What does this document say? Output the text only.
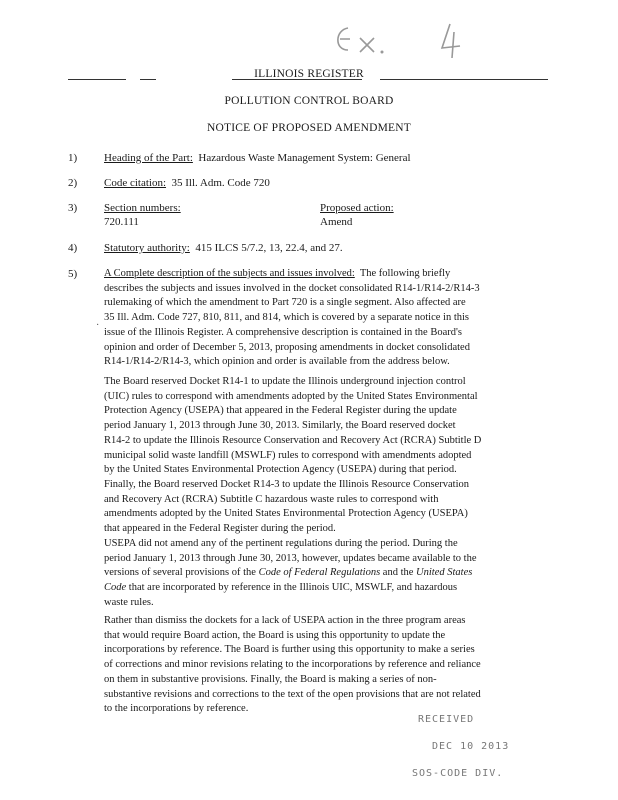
ILLINOIS REGISTER
POLLUTION CONTROL BOARD
NOTICE OF PROPOSED AMENDMENT
1) Heading of the Part: Hazardous Waste Management System: General
2) Code citation: 35 Ill. Adm. Code 720
3) Section numbers:
720.111
Proposed action:
Amend
4) Statutory authority: 415 ILCS 5/7.2, 13, 22.4, and 27.
5)	A Complete description of the subjects and issues involved: The following briefly
describes the subjects and issues involved in the docket consolidated R14-1/R14-2/R14-3
rulemaking of which the amendment to Part 720 is a single segment. Also affected are
35 Ill. Adm. Code 727, 810, 811, and 814, which is covered by a separate notice in this
issue of the Illinois Register. A comprehensive description is contained in the Board's
opinion and order of December 5, 2013, proposing amendments in docket consolidated
R14-1/R14-2/R14-3, which opinion and order is available from the address below.
·
The Board reserved Docket R14-1 to update the Illinois underground injection control
(UIC) rules to correspond with amendments adopted by the United States Environmental
Protection Agency (USEPA) that appeared in the Federal Register during the update
period January 1, 2013 through June 30, 2013. Similarly, the Board reserved docket
R14-2 to update the Illinois Resource Conservation and Recovery Act (RCRA) Subtitle D
municipal solid waste landfill (MSWLF) rules to correspond with amendments adopted
by the United States Environmental Protection Agency (USEPA) during that period.
Finally, the Board reserved Docket R14-3 to update the Illinois Resource Conservation
and Recovery Act (RCRA) Subtitle C hazardous waste rules to correspond with
amendments adopted by the United States Environmental Protection Agency (USEPA)
that appeared in the Federal Register during the period.
USEPA did not amend any of the pertinent regulations during the period. During the
period January 1, 2013 through June 30, 2013, however, updates became available to the
versions of several provisions of the Code of Federal Regulations and the United States
Code that are incorporated by reference in the Illinois UIC, MSWLF, and hazardous
waste rules.
Rather than dismiss the dockets for a lack of USEPA action in the three program areas
that would require Board action, the Board is using this opportunity to update the
incorporations by reference. The Board is further using this opportunity to make a series
of corrections and minor revisions relating to the incorporations by reference and reliance
on them in substantive provisions. Finally, the Board is making a series of non-
substantive revisions and corrections to the text of the open provisions that are not related
to the incorporations by reference.
RECEIVED
DEC 10 2013
SOS-CODE DIV.
